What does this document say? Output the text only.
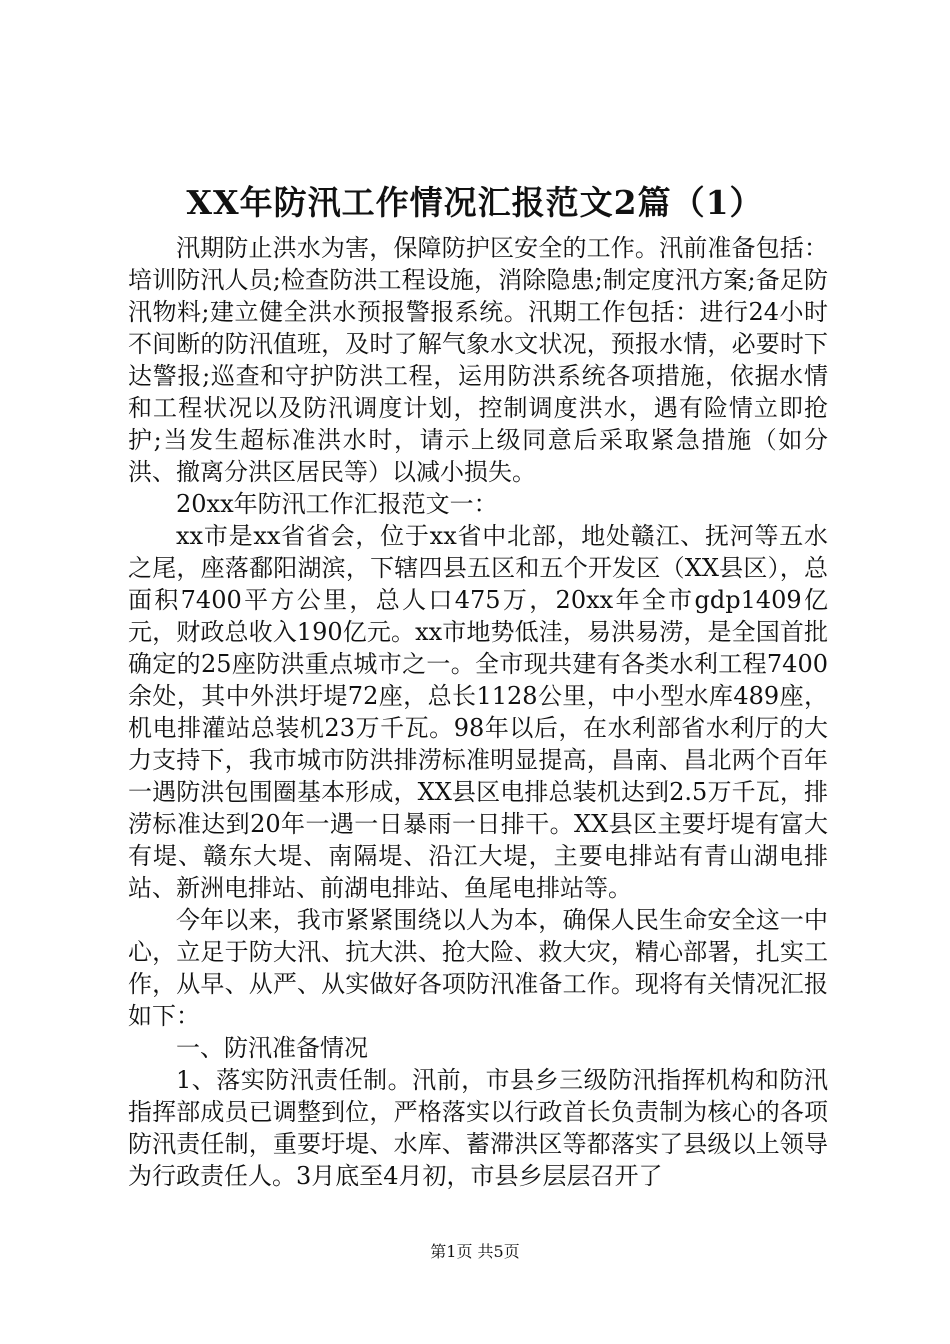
XX年防汛工作情况汇报范文2篇（1）

汛期防止洪水为害，保障防护区安全的工作。汛前准备包括：培训防汛人员;检查防洪工程设施，消除隐患;制定度汛方案;备足防汛物料;建立健全洪水预报警报系统。汛期工作包括：进行24小时不间断的防汛值班，及时了解气象水文状况，预报水情，必要时下达警报;巡查和守护防洪工程，运用防洪系统各项措施，依据水情和工程状况以及防汛调度计划，控制调度洪水，遇有险情立即抢护;当发生超标准洪水时，请示上级同意后采取紧急措施（如分洪、撤离分洪区居民等）以减小损失。

20xx年防汛工作汇报范文一：

xx市是xx省省会，位于xx省中北部，地处赣江、抚河等五水之尾，座落鄱阳湖滨，下辖四县五区和五个开发区（XX县区），总面积7400平方公里，总人口475万，20xx年全市gdp1409亿元，财政总收入190亿元。xx市地势低洼，易洪易涝，是全国首批确定的25座防洪重点城市之一。全市现共建有各类水利工程7400余处，其中外洪圩堤72座，总长1128公里，中小型水库489座，机电排灌站总装机23万千瓦。98年以后，在水利部省水利厅的大力支持下，我市城市防洪排涝标准明显提高，昌南、昌北两个百年一遇防洪包围圈基本形成，XX县区电排总装机达到2.5万千瓦，排涝标准达到20年一遇一日暴雨一日排干。XX县区主要圩堤有富大有堤、赣东大堤、南隔堤、沿江大堤，主要电排站有青山湖电排站、新洲电排站、前湖电排站、鱼尾电排站等。

今年以来，我市紧紧围绕以人为本，确保人民生命安全这一中心，立足于防大汛、抗大洪、抢大险、救大灾，精心部署，扎实工作，从早、从严、从实做好各项防汛准备工作。现将有关情况汇报如下：

一、防汛准备情况

1、落实防汛责任制。汛前，市县乡三级防汛指挥机构和防汛指挥部成员已调整到位，严格落实以行政首长负责制为核心的各项防汛责任制，重要圩堤、水库、蓄滞洪区等都落实了县级以上领导为行政责任人。3月底至4月初，市县乡层层召开了

第1页 共5页
